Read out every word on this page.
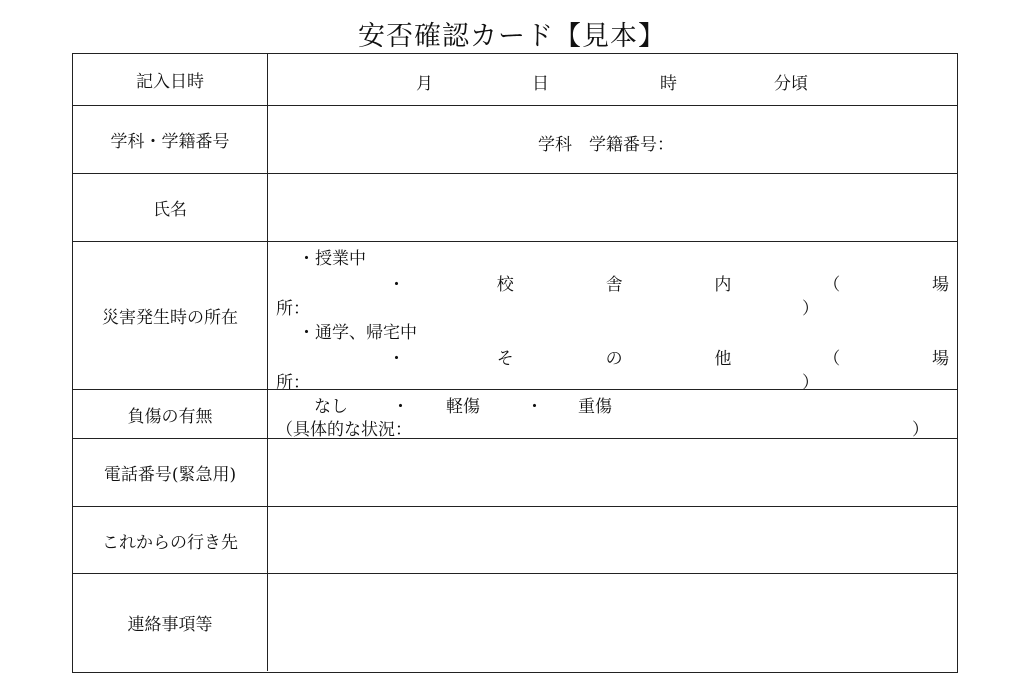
安否確認カード【見本】
記入日時	月	日	時	分頃
学科・学籍番号	学科　学籍番号：
氏名
災害発生時の所在
・授業中
・	校	舎	内	（	場
所：	）
・通学、帰宅中
・	そ	の	他	（	場
所：	）
負傷の有無	なし	・ 軽傷	・ 重傷
（具体的な状況：	）
電話番号(緊急用)
これからの行き先
連絡事項等
